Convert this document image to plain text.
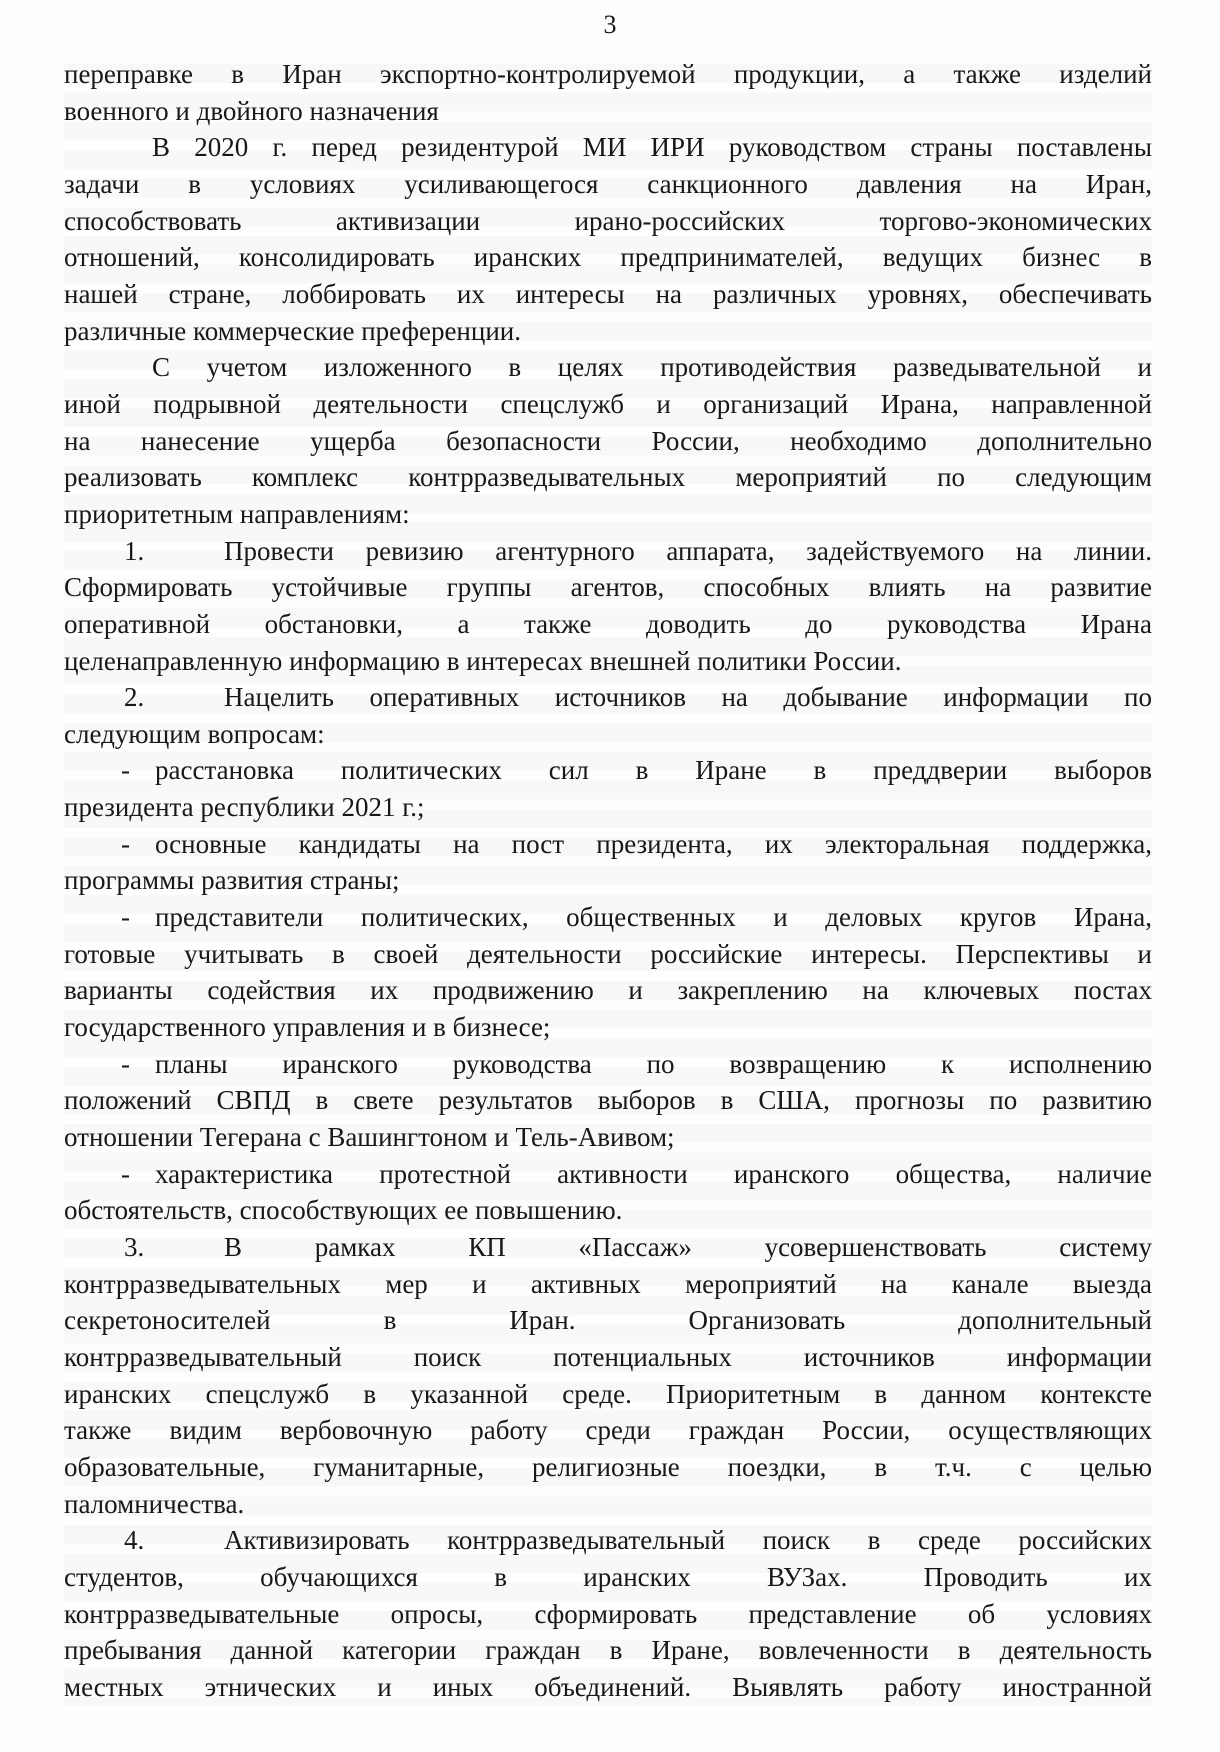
3
переправке в Иран экспортно-контролируемой продукции, а также изделий
военного и двойного назначения
В 2020 г. перед резидентурой МИ ИРИ руководством страны поставлены
задачи в условиях усиливающегося санкционного давления на Иран,
способствовать активизации ирано-российских торгово-экономических
отношений, консолидировать иранских предпринимателей, ведущих бизнес в
нашей стране, лоббировать их интересы на различных уровнях, обеспечивать
различные коммерческие преференции.
С учетом изложенного в целях противодействия разведывательной и
иной подрывной деятельности спецслужб и организаций Ирана, направленной
на нанесение ущерба безопасности России, необходимо дополнительно
реализовать комплекс контрразведывательных мероприятий по следующим
приоритетным направлениям:
1.	Провести ревизию агентурного аппарата, задействуемого на линии.
Сформировать устойчивые группы агентов, способных влиять на развитие
оперативной обстановки, а также доводить до руководства Ирана
целенаправленную информацию в интересах внешней политики России.
2.	Нацелить оперативных источников на добывание информации по
следующим вопросам:
- расстановка политических сил в Иране в преддверии выборов
президента республики 2021 г.;
- основные кандидаты на пост президента, их электоральная поддержка,
программы развития страны;
- представители политических, общественных и деловых кругов Ирана,
готовые учитывать в своей деятельности российские интересы. Перспективы и
варианты содействия их продвижению и закреплению на ключевых постах
государственного управления и в бизнесе;
- планы иранского руководства по возвращению к исполнению
положений СВПД в свете результатов выборов в США, прогнозы по развитию
отношении Тегерана с Вашингтоном и Тель-Авивом;
- характеристика протестной активности иранского общества, наличие
обстоятельств, способствующих ее повышению.
3.	В рамках КП «Пассаж» усовершенствовать систему
контрразведывательных мер и активных мероприятий на канале выезда
секретоносителей в Иран. Организовать дополнительный
контрразведывательный поиск потенциальных источников информации
иранских спецслужб в указанной среде. Приоритетным в данном контексте
также видим вербовочную работу среди граждан России, осуществляющих
образовательные, гуманитарные, религиозные поездки, в т.ч. с целью
паломничества.
4.	Активизировать контрразведывательный поиск в среде российских
студентов, обучающихся в иранских ВУЗах. Проводить их
контрразведывательные опросы, сформировать представление об условиях
пребывания данной категории граждан в Иране, вовлеченности в деятельность
местных этнических и иных объединений. Выявлять работу иностранной
